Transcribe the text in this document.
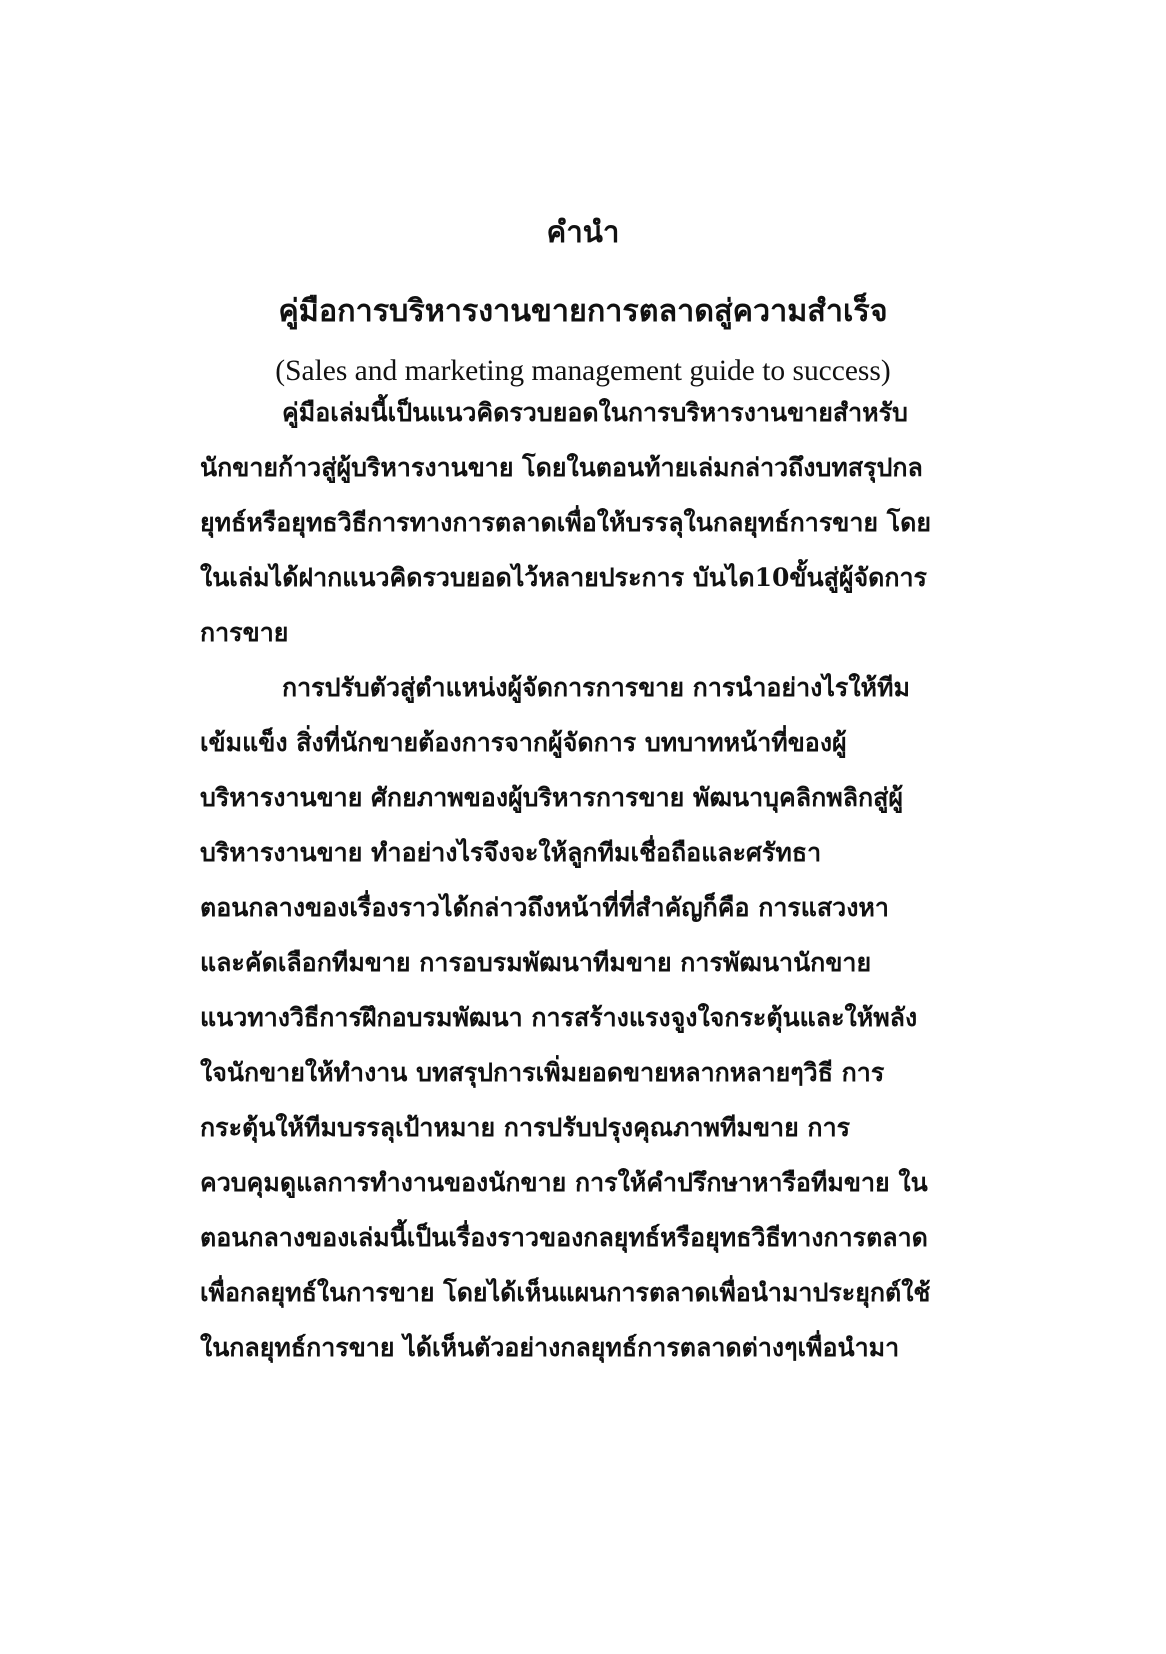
คำนำ
คู่มือการบริหารงานขายการตลาดสู่ความสำเร็จ
(Sales and marketing management guide to success)
คู่มือเล่มนี้เป็นแนวคิดรวบยอดในการบริหารงานขายสำหรับ
นักขายก้าวสู่ผู้บริหารงานขาย โดยในตอนท้ายเล่มกล่าวถึงบทสรุปกล
ยุทธ์หรือยุทธวิธีการทางการตลาดเพื่อให้บรรลุในกลยุทธ์การขาย โดย
ในเล่มได้ฝากแนวคิดรวบยอดไว้หลายประการ บันได10ขั้นสู่ผู้จัดการ
การขาย
การปรับตัวสู่ตำแหน่งผู้จัดการการขาย การนำอย่างไรให้ทีม
เข้มแข็ง สิ่งที่นักขายต้องการจากผู้จัดการ บทบาทหน้าที่ของผู้
บริหารงานขาย ศักยภาพของผู้บริหารการขาย พัฒนาบุคลิกพลิกสู่ผู้
บริหารงานขาย ทำอย่างไรจึงจะให้ลูกทีมเชื่อถือและศรัทธา
ตอนกลางของเรื่องราวได้กล่าวถึงหน้าที่ที่สำคัญก็คือ การแสวงหา
และคัดเลือกทีมขาย การอบรมพัฒนาทีมขาย การพัฒนานักขาย
แนวทางวิธีการฝึกอบรมพัฒนา การสร้างแรงจูงใจกระตุ้นและให้พลัง
ใจนักขายให้ทำงาน บทสรุปการเพิ่มยอดขายหลากหลายๆวิธี การ
กระตุ้นให้ทีมบรรลุเป้าหมาย การปรับปรุงคุณภาพทีมขาย การ
ควบคุมดูแลการทำงานของนักขาย การให้คำปรึกษาหารือทีมขาย ใน
ตอนกลางของเล่มนี้เป็นเรื่องราวของกลยุทธ์หรือยุทธวิธีทางการตลาด
เพื่อกลยุทธ์ในการขาย โดยได้เห็นแผนการตลาดเพื่อนำมาประยุกต์ใช้
ในกลยุทธ์การขาย ได้เห็นตัวอย่างกลยุทธ์การตลาดต่างๆเพื่อนำมา
